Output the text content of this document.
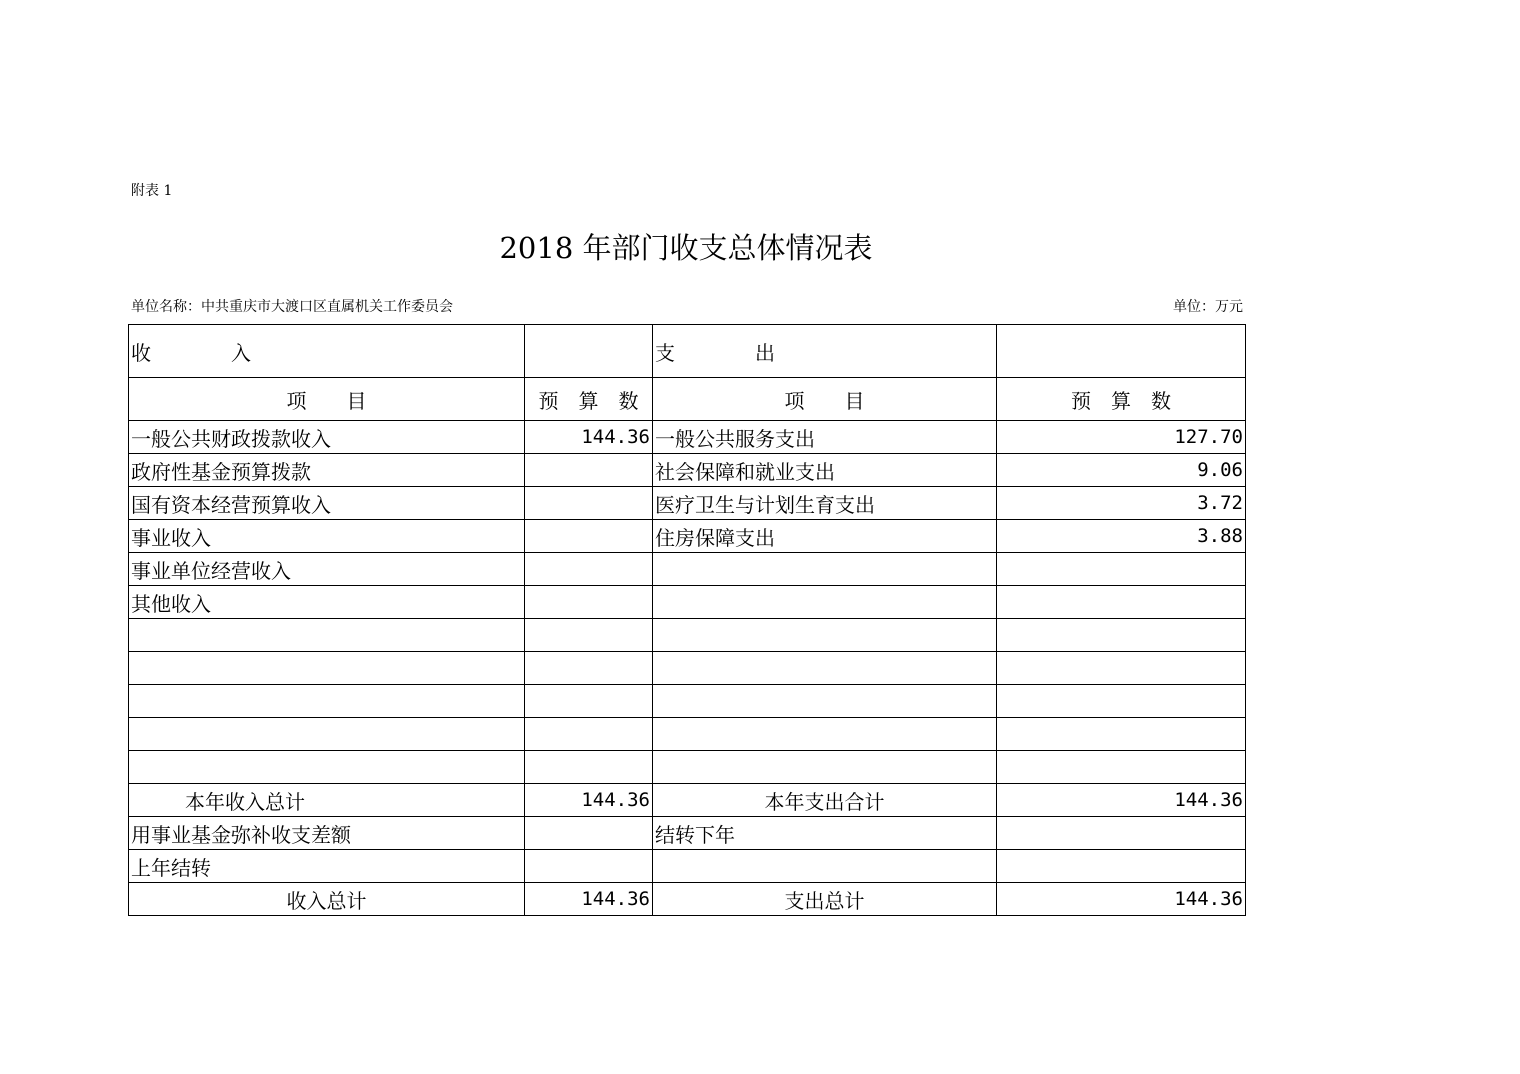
附表 1
2018 年部门收支总体情况表
单位名称：中共重庆市大渡口区直属机关工作委员会	单位：万元
收　　　　入		支　　　　出	
项　　目	预　算　数	项　　目	预　算　数
一般公共财政拨款收入	144.36	一般公共服务支出	127.70
政府性基金预算拨款		社会保障和就业支出	9.06
国有资本经营预算收入		医疗卫生与计划生育支出	3.72
事业收入		住房保障支出	3.88
事业单位经营收入			
其他收入			

本年收入总计	144.36	本年支出合计	144.36
用事业基金弥补收支差额		结转下年	
上年结转			
收入总计	144.36	支出总计	144.36
